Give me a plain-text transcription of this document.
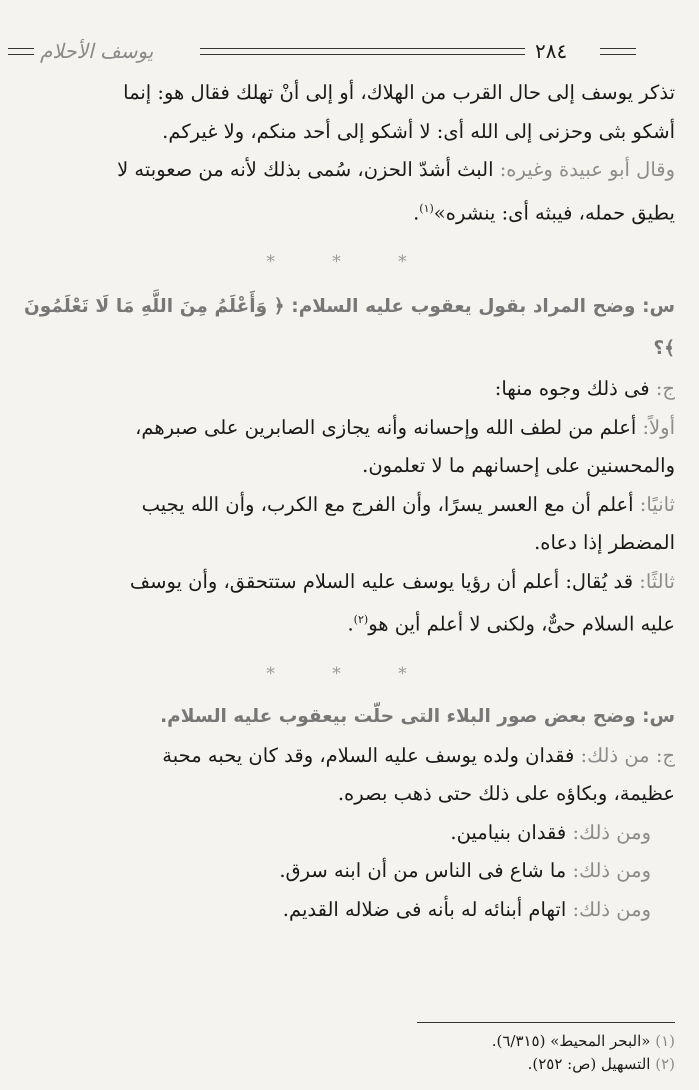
يوسف الأحلام	٢٨٤

تذكر يوسف إلى حال القرب من الهلاك، أو إلى أنْ تهلك فقال هو: إنما

أشكو بثى وحزنى إلى الله أى: لا أشكو إلى أحد منكم، ولا غيركم.

وقال أبو عبيدة وغيره: البث أشدّ الحزن، سُمى بذلك لأنه من صعوبته لا

يطيق حمله، فيبثه أى: ينشره»$^{(١)}$.

* * *

س: وضح المراد بقول يعقوب عليه السلام: ﴿ وَأَعْلَمُ مِنَ اللَّهِ مَا لَا تَعْلَمُونَ ﴾؟

ج: فى ذلك وجوه منها:

أولاً: أعلم من لطف الله وإحسانه وأنه يجازى الصابرين على صبرهم،

والمحسنين على إحسانهم ما لا تعلمون.

ثانيًا: أعلم أن مع العسر يسرًا، وأن الفرج مع الكرب، وأن الله يجيب

المضطر إذا دعاه.

ثالثًا: قد يُقال: أعلم أن رؤيا يوسف عليه السلام ستتحقق، وأن يوسف

عليه السلام حىٌّ، ولكنى لا أعلم أين هو$^{(٢)}$.

* * *

س: وضح بعض صور البلاء التى حلّت بيعقوب عليه السلام.

ج: من ذلك: فقدان ولده يوسف عليه السلام، وقد كان يحبه محبة

عظيمة، وبكاؤه على ذلك حتى ذهب بصره.

ومن ذلك: فقدان بنيامين.

ومن ذلك: ما شاع فى الناس من أن ابنه سرق.

ومن ذلك: اتهام أبنائه له بأنه فى ضلاله القديم.

(١) «البحر المحيط» (٦/٣١٥).
(٢) التسهيل (ص: ٢٥٢).
